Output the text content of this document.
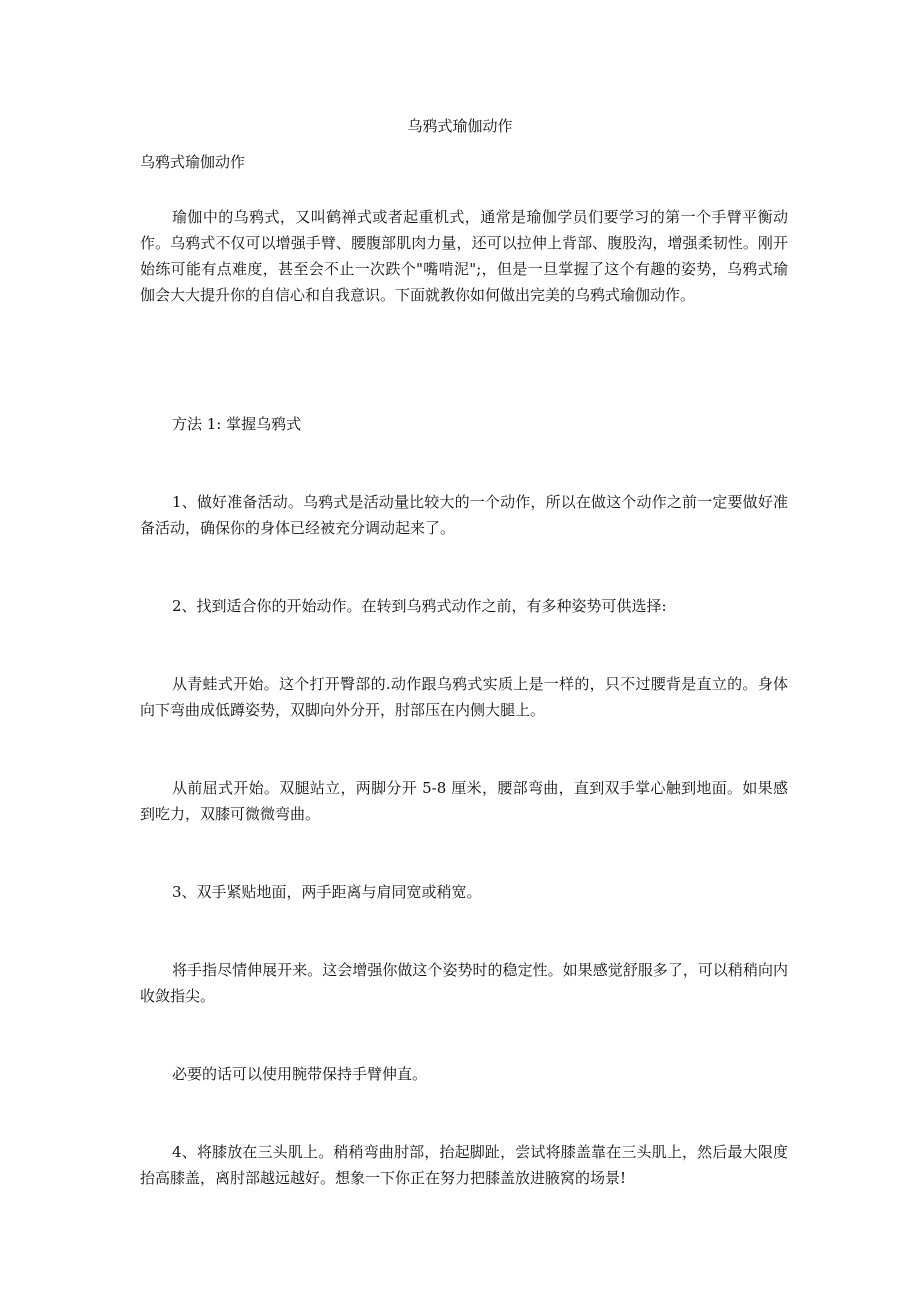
乌鸦式瑜伽动作
乌鸦式瑜伽动作

瑜伽中的乌鸦式，又叫鹤禅式或者起重机式，通常是瑜伽学员们要学习的第一个手臂平衡动作。乌鸦式不仅可以增强手臂、腰腹部肌肉力量，还可以拉伸上背部、腹股沟，增强柔韧性。刚开始练可能有点难度，甚至会不止一次跌个"嘴啃泥";，但是一旦掌握了这个有趣的姿势，乌鸦式瑜伽会大大提升你的自信心和自我意识。下面就教你如何做出完美的乌鸦式瑜伽动作。

方法 1: 掌握乌鸦式

1、做好准备活动。乌鸦式是活动量比较大的一个动作，所以在做这个动作之前一定要做好准备活动，确保你的身体已经被充分调动起来了。

2、找到适合你的开始动作。在转到乌鸦式动作之前，有多种姿势可供选择:

从青蛙式开始。这个打开臀部的.动作跟乌鸦式实质上是一样的，只不过腰背是直立的。身体向下弯曲成低蹲姿势，双脚向外分开，肘部压在内侧大腿上。

从前屈式开始。双腿站立，两脚分开 5-8 厘米，腰部弯曲，直到双手掌心触到地面。如果感到吃力，双膝可微微弯曲。

3、双手紧贴地面，两手距离与肩同宽或稍宽。

将手指尽情伸展开来。这会增强你做这个姿势时的稳定性。如果感觉舒服多了，可以稍稍向内收敛指尖。

必要的话可以使用腕带保持手臂伸直。

4、将膝放在三头肌上。稍稍弯曲肘部，抬起脚趾，尝试将膝盖靠在三头肌上，然后最大限度抬高膝盖，离肘部越远越好。想象一下你正在努力把膝盖放进腋窝的场景!
